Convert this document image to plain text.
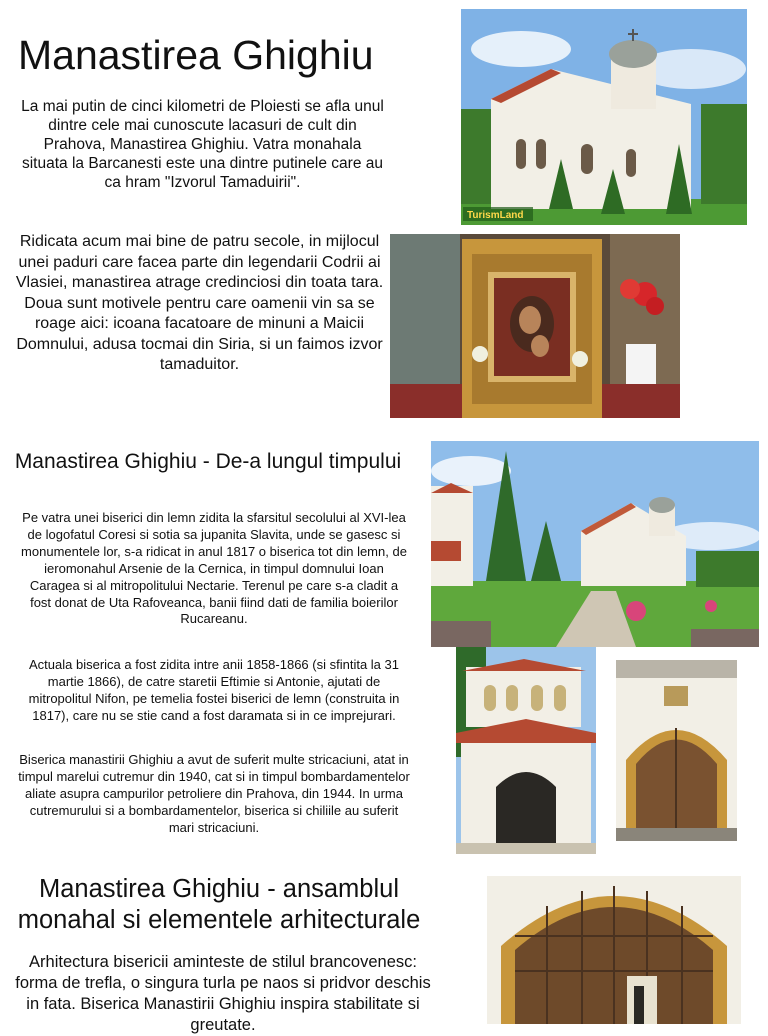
Manastirea Ghighiu

La mai putin de cinci kilometri de Ploiesti se afla unul dintre cele mai cunoscute lacasuri de cult din Prahova, Manastirea Ghighiu. Vatra monahala situata la Barcanesti este una dintre putinele care au ca hram "Izvorul Tamaduirii".

Ridicata acum mai bine de patru secole, in mijlocul unei paduri care facea parte din legendarii Codrii ai Vlasiei, manastirea atrage credinciosi din toata tara. Doua sunt motivele pentru care oamenii vin sa se roage aici: icoana facatoare de minuni a Maicii Domnului, adusa tocmai din Siria, si un faimos izvor tamaduitor.

Manastirea Ghighiu - De-a lungul timpului

Pe vatra unei biserici din lemn zidita la sfarsitul secolului al XVI-lea de logofatul Coresi si sotia sa jupanita Slavita, unde se gasesc si monumentele lor, s-a ridicat in anul 1817 o biserica tot din lemn, de ieromonahul Arsenie de la Cernica, in timpul domnului Ioan Caragea si al mitropolitului Nectarie. Terenul pe care s-a cladit a fost donat de Uta Rafoveanca, banii fiind dati de familia boierilor Rucareanu.

Actuala biserica a fost zidita intre anii 1858-1866 (si sfintita la 31 martie 1866), de catre staretii Eftimie si Antonie, ajutati de mitropolitul Nifon, pe temelia fostei biserici de lemn (construita in 1817), care nu se stie cand a fost daramata si in ce imprejurari.

Biserica manastirii Ghighiu a avut de suferit multe stricaciuni, atat in timpul marelui cutremur din 1940, cat si in timpul bombardamentelor aliate asupra campurilor petroliere din Prahova, din 1944. In urma cutremurului si a bombardamentelor, biserica si chiliile au suferit mari stricaciuni.

Manastirea Ghighiu - ansamblul monahal si elementele arhitecturale

Arhitectura bisericii aminteste de stilul brancovenesc: forma de trefla, o singura turla pe naos si pridvor deschis in fata. Biserica Manastirii Ghighiu inspira stabilitate si greutate.

TurismLand
